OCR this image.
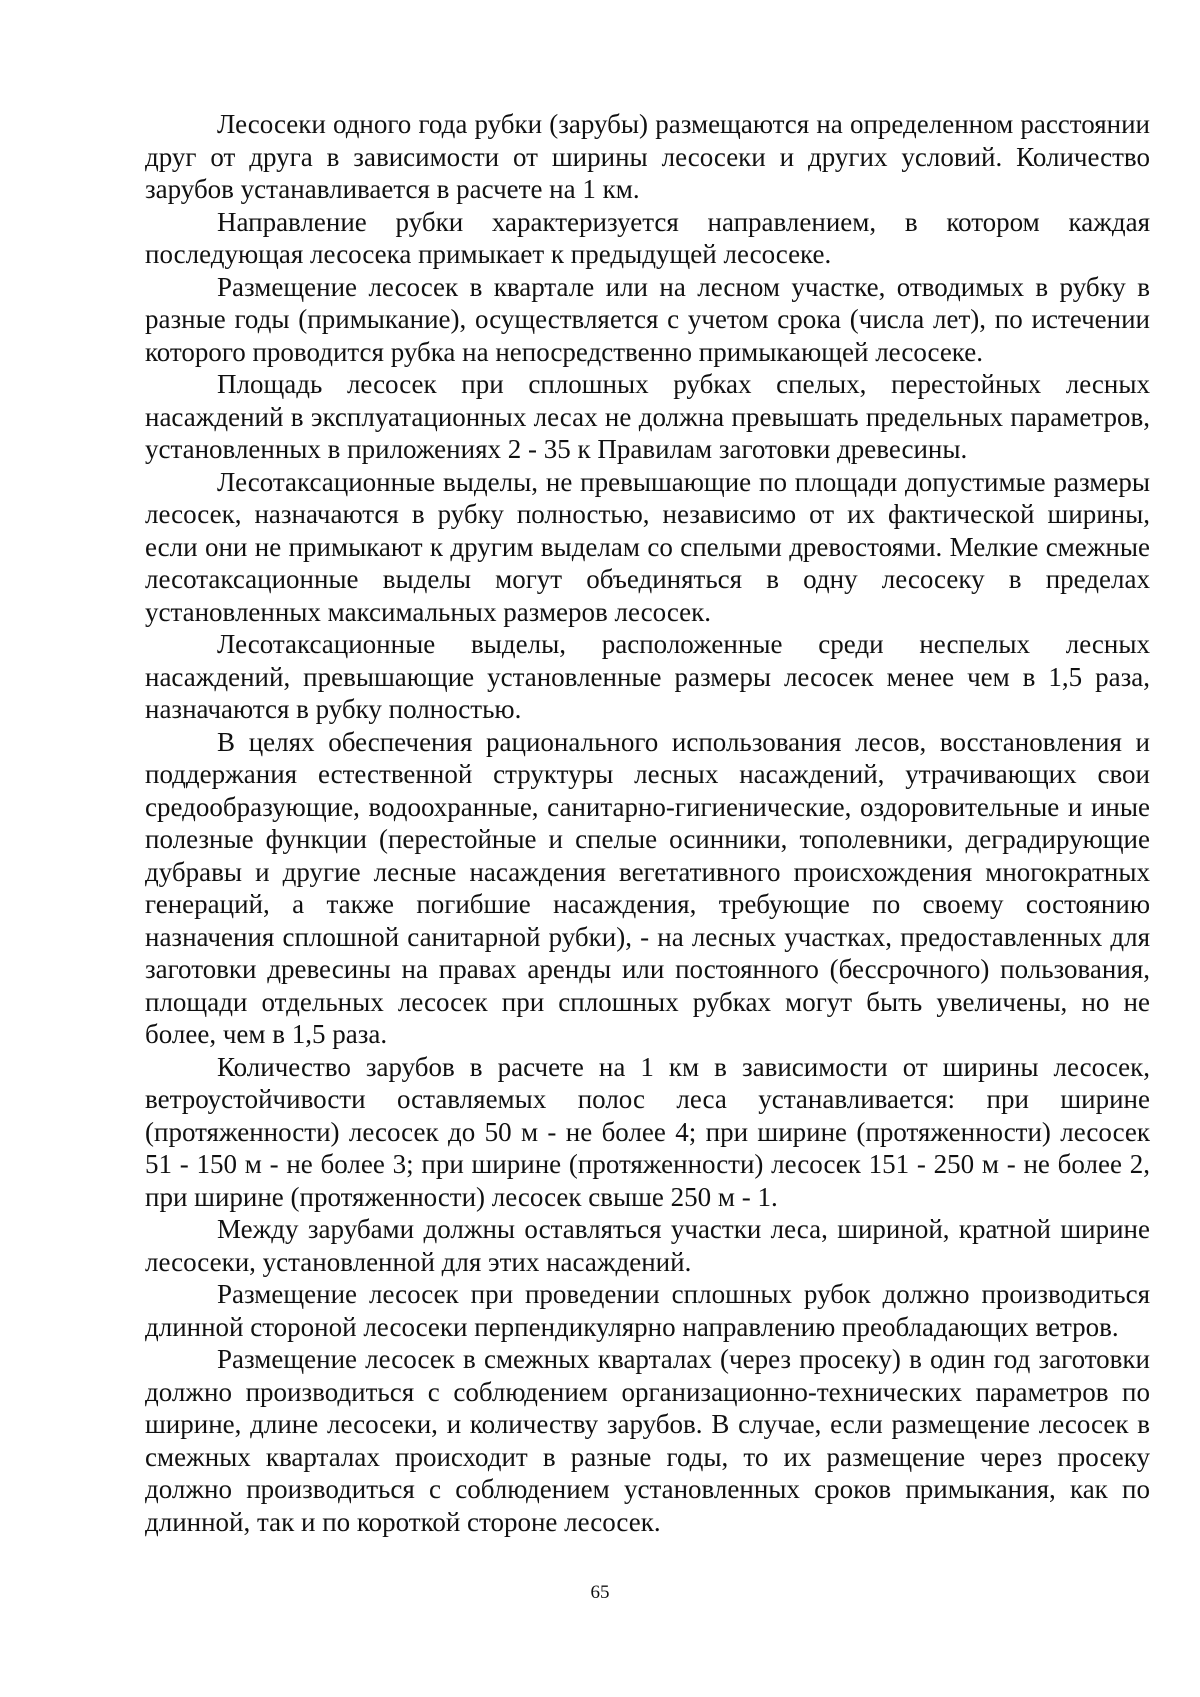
Лесосеки одного года рубки (зарубы) размещаются на определенном расстоянии друг от друга в зависимости от ширины лесосеки и других условий. Количество зарубов устанавливается в расчете на 1 км.

Направление рубки характеризуется направлением, в котором каждая последующая лесосека примыкает к предыдущей лесосеке.

Размещение лесосек в квартале или на лесном участке, отводимых в рубку в разные годы (примыкание), осуществляется с учетом срока (числа лет), по истечении которого проводится рубка на непосредственно примыкающей лесосеке.

Площадь лесосек при сплошных рубках спелых, перестойных лесных насаждений в эксплуатационных лесах не должна превышать предельных параметров, установленных в приложениях 2 - 35 к Правилам заготовки древесины.

Лесотаксационные выделы, не превышающие по площади допустимые размеры лесосек, назначаются в рубку полностью, независимо от их фактической ширины, если они не примыкают к другим выделам со спелыми древостоями. Мелкие смежные лесотаксационные выделы могут объединяться в одну лесосеку в пределах установленных максимальных размеров лесосек.

Лесотаксационные выделы, расположенные среди неспелых лесных насаждений, превышающие установленные размеры лесосек менее чем в 1,5 раза, назначаются в рубку полностью.

В целях обеспечения рационального использования лесов, восстановления и поддержания естественной структуры лесных насаждений, утрачивающих свои средообразующие, водоохранные, санитарно-гигиенические, оздоровительные и иные полезные функции (перестойные и спелые осинники, тополевники, деградирующие дубравы и другие лесные насаждения вегетативного происхождения многократных генераций, а также погибшие насаждения, требующие по своему состоянию назначения сплошной санитарной рубки), - на лесных участках, предоставленных для заготовки древесины на правах аренды или постоянного (бессрочного) пользования, площади отдельных лесосек при сплошных рубках могут быть увеличены, но не более, чем в 1,5 раза.

Количество зарубов в расчете на 1 км в зависимости от ширины лесосек, ветроустойчивости оставляемых полос леса устанавливается: при ширине (протяженности) лесосек до 50 м - не более 4; при ширине (протяженности) лесосек 51 - 150 м - не более 3; при ширине (протяженности) лесосек 151 - 250 м - не более 2, при ширине (протяженности) лесосек свыше 250 м - 1.

Между зарубами должны оставляться участки леса, шириной, кратной ширине лесосеки, установленной для этих насаждений.

Размещение лесосек при проведении сплошных рубок должно производиться длинной стороной лесосеки перпендикулярно направлению преобладающих ветров.

Размещение лесосек в смежных кварталах (через просеку) в один год заготовки должно производиться с соблюдением организационно-технических параметров по ширине, длине лесосеки, и количеству зарубов. В случае, если размещение лесосек в смежных кварталах происходит в разные годы, то их размещение через просеку должно производиться с соблюдением установленных сроков примыкания, как по длинной, так и по короткой стороне лесосек.

65
